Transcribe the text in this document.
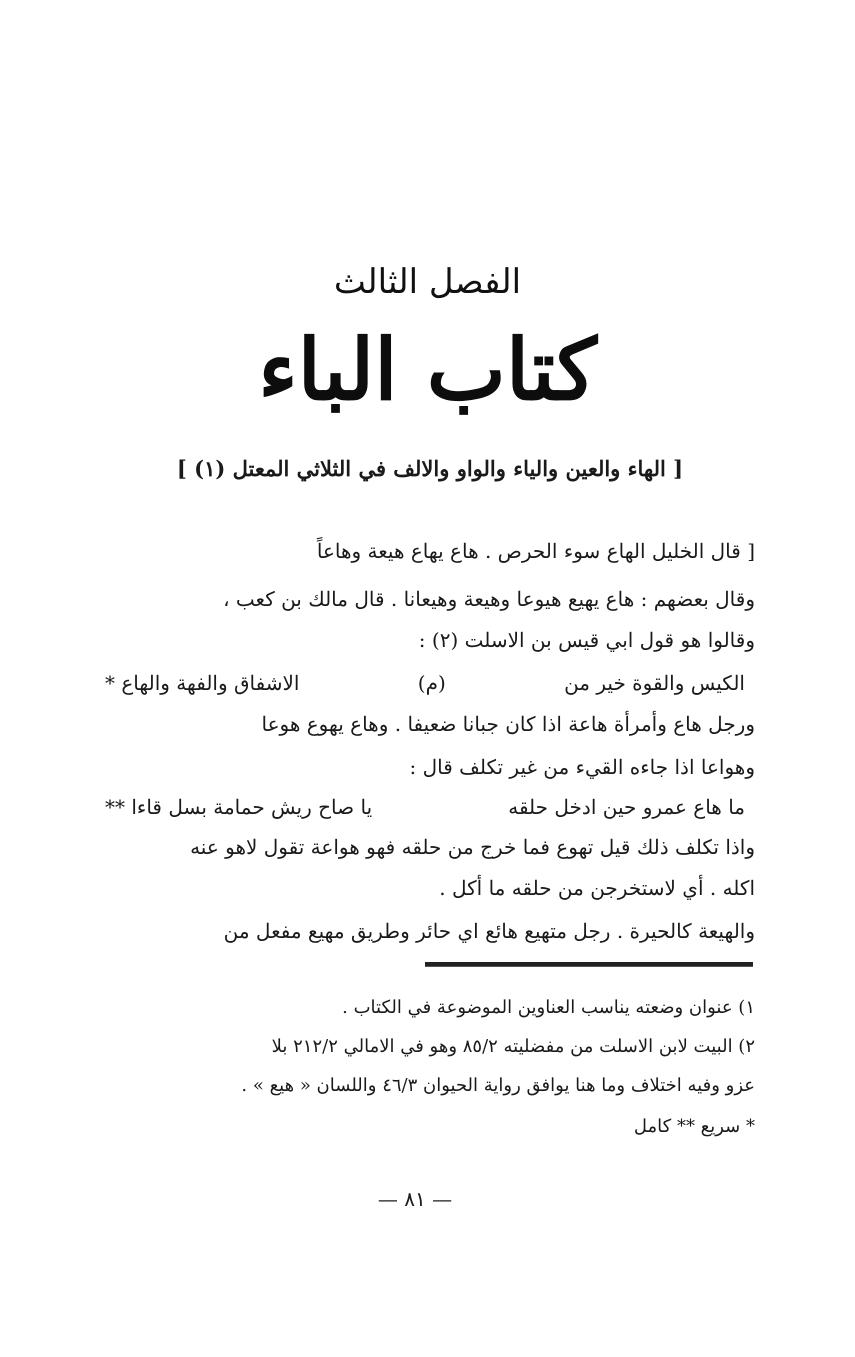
الفصل الثالث
كتاب الباء
[ الهاء والعين والياء والواو والالف في الثلاثي المعتل (١) ]
[ قال الخليل الهاع سوء الحرص . هاع يهاع هيعة وهاعاً
وقال بعضهم : هاع يهيع هيوعا وهيعة وهيعانا . قال مالك بن كعب ،
وقالوا هو قول ابي قيس بن الاسلت (٢) :
الكيس والقوة خير من
(م)
الاشفاق والفهة والهاع *
ورجل هاع وأمرأة هاعة اذا كان جبانا ضعيفا . وهاع يهوع هوعا
وهواعا اذا جاءه القيء من غير تكلف قال :
ما هاع عمرو حين ادخل حلقه
يا صاح ريش حمامة بسل قاءا **
واذا تكلف ذلك قيل تهوع فما خرج من حلقه فهو هواعة تقول لاهو عنه
اكله . أي لاستخرجن من حلقه ما أكل .
والهيعة كالحيرة . رجل متهيع هائع اي حائر وطريق مهيع مفعل من
١) عنوان وضعته يناسب العناوين الموضوعة في الكتاب .
٢) البيت لابن الاسلت من مفضليته ٨٥/٢ وهو في الامالي ٢١٢/٢ بلا
عزو وفيه اختلاف وما هنا يوافق رواية الحيوان ٤٦/٣ واللسان « هيع » .
* سريع ** كامل
— ٨١ —
